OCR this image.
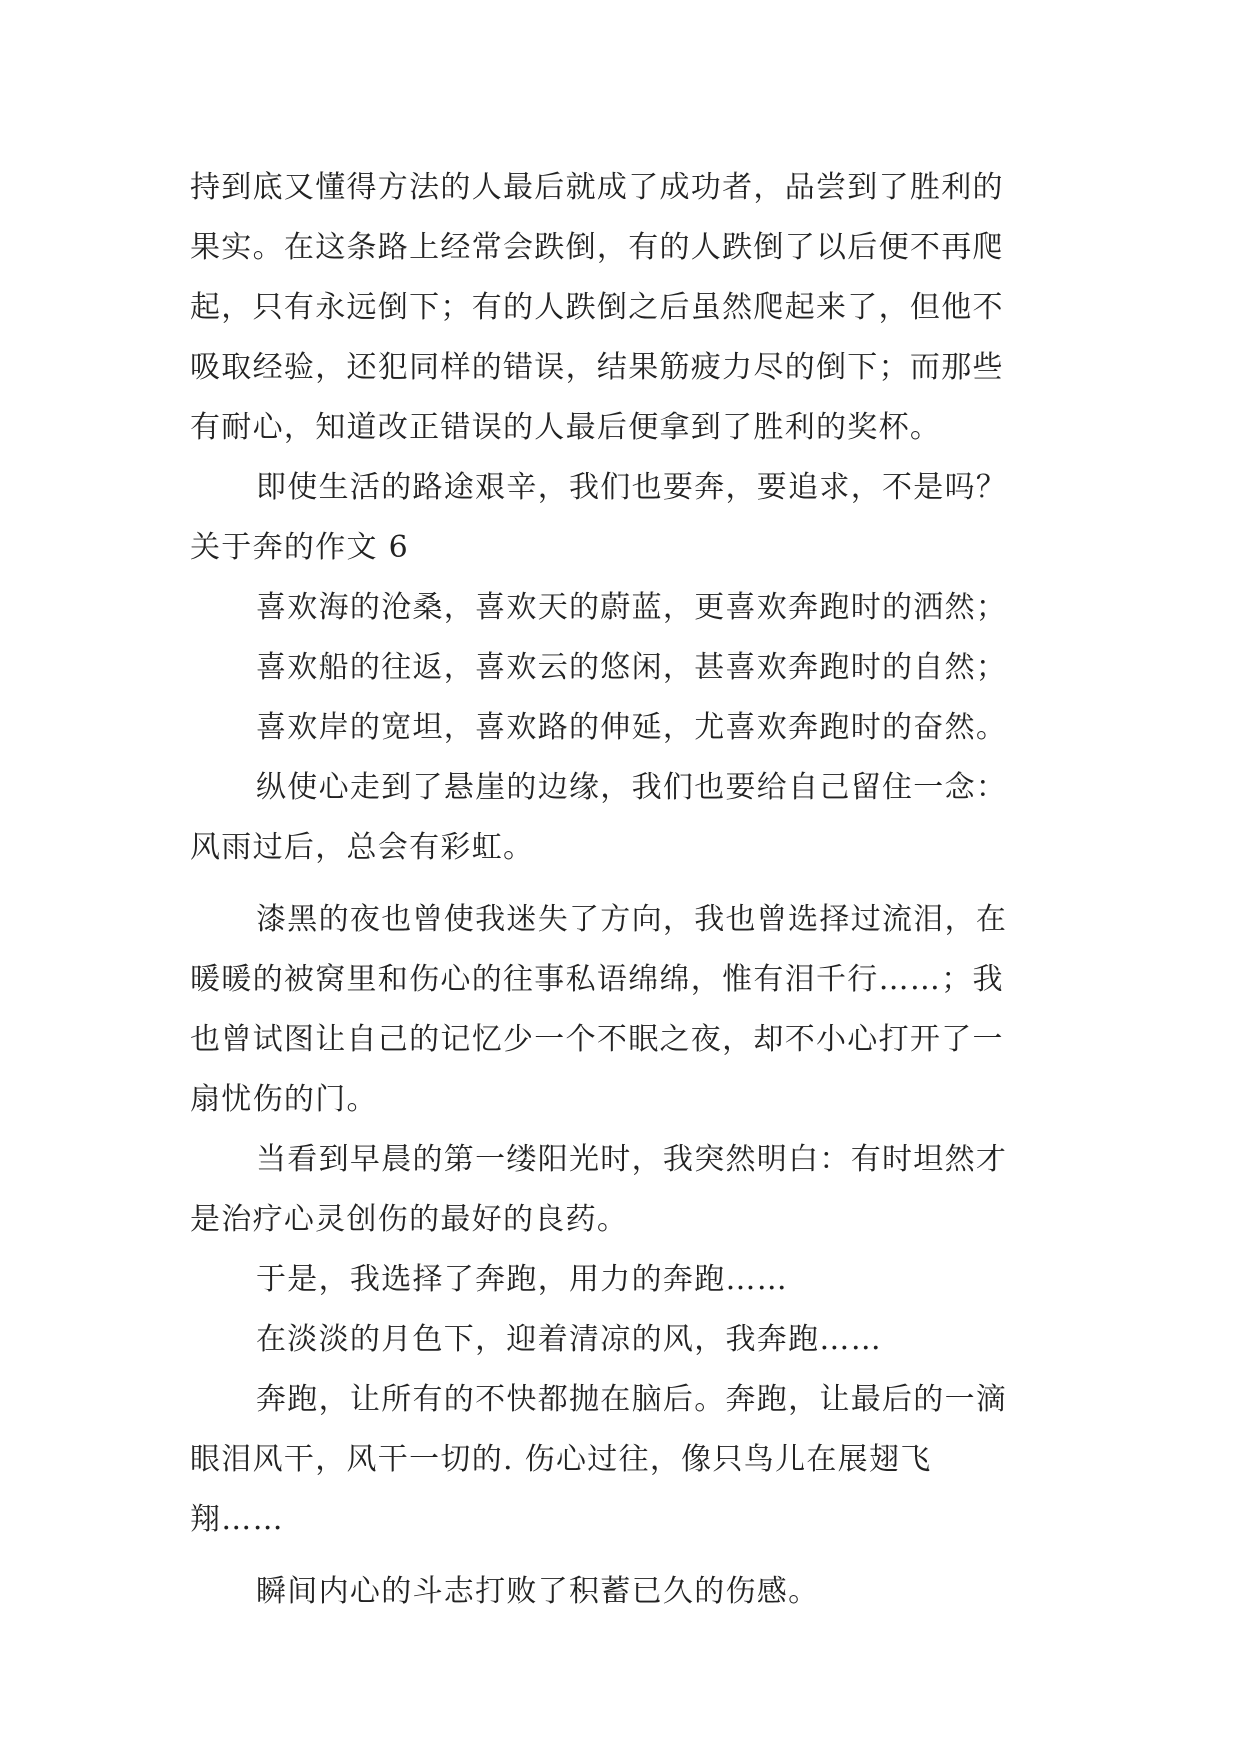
持到底又懂得方法的人最后就成了成功者，品尝到了胜利的
果实。在这条路上经常会跌倒，有的人跌倒了以后便不再爬
起，只有永远倒下；有的人跌倒之后虽然爬起来了，但他不
吸取经验，还犯同样的错误，结果筋疲力尽的倒下；而那些
有耐心，知道改正错误的人最后便拿到了胜利的奖杯。
即使生活的路途艰辛，我们也要奔，要追求，不是吗？
关于奔的作文 6
喜欢海的沧桑，喜欢天的蔚蓝，更喜欢奔跑时的洒然；
喜欢船的往返，喜欢云的悠闲，甚喜欢奔跑时的自然；
喜欢岸的宽坦，喜欢路的伸延，尤喜欢奔跑时的奋然。
纵使心走到了悬崖的边缘，我们也要给自己留住一念：
风雨过后，总会有彩虹。
漆黑的夜也曾使我迷失了方向，我也曾选择过流泪，在
暖暖的被窝里和伤心的往事私语绵绵，惟有泪千行……；我
也曾试图让自己的记忆少一个不眠之夜，却不小心打开了一
扇忧伤的门。
当看到早晨的第一缕阳光时，我突然明白：有时坦然才
是治疗心灵创伤的最好的良药。
于是，我选择了奔跑，用力的奔跑……
在淡淡的月色下，迎着清凉的风，我奔跑……
奔跑，让所有的不快都抛在脑后。奔跑，让最后的一滴
眼泪风干，风干一切的. 伤心过往，像只鸟儿在展翅飞
翔……
瞬间内心的斗志打败了积蓄已久的伤感。
